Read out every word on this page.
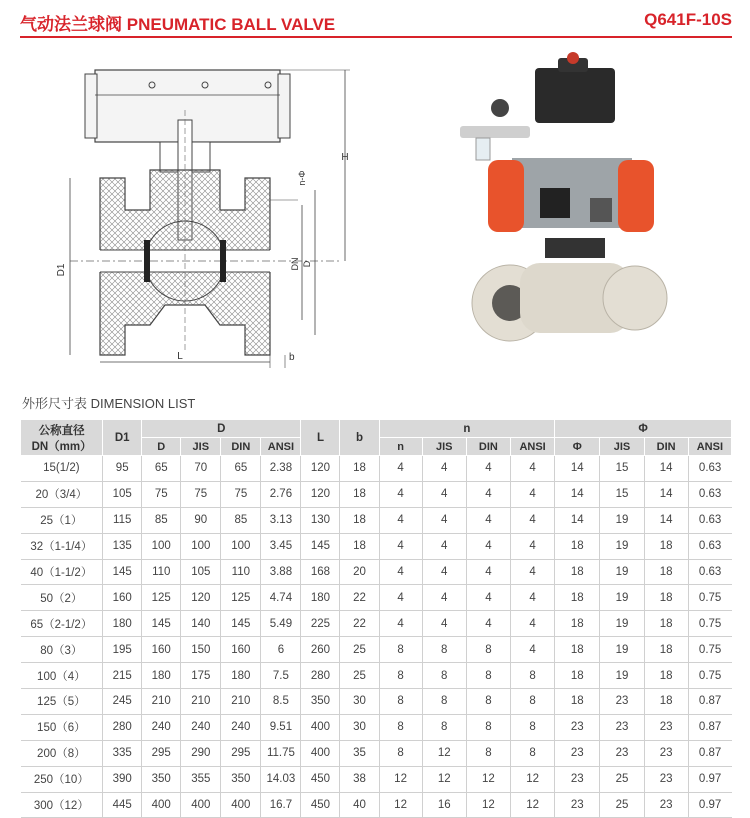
气动法兰球阀 PNEUMATIC BALL VALVE	Q641F-10S
H
n-Φ
D1	DN D
L	b
外形尺寸表 DIMENSION LIST
公称直径
DN（mm）	D1	D				L	b	n				Φ			
		D	JIS	DIN	ANSI			n	JIS	DIN	ANSI	Φ	JIS	DIN	ANSI
15(1/2)	95	65	70	65	2.38	120	18	4	4	4	4	14	15	14	0.63
20（3/4）	105	75	75	75	2.76	120	18	4	4	4	4	14	15	14	0.63
25（1）	115	85	90	85	3.13	130	18	4	4	4	4	14	19	14	0.63
32（1-1/4）	135	100	100	100	3.45	145	18	4	4	4	4	18	19	18	0.63
40（1-1/2）	145	110	105	110	3.88	168	20	4	4	4	4	18	19	18	0.63
50（2）	160	125	120	125	4.74	180	22	4	4	4	4	18	19	18	0.75
65（2-1/2）	180	145	140	145	5.49	225	22	4	4	4	4	18	19	18	0.75
80（3）	195	160	150	160	6	260	25	8	8	8	4	18	19	18	0.75
100（4）	215	180	175	180	7.5	280	25	8	8	8	8	18	19	18	0.75
125（5）	245	210	210	210	8.5	350	30	8	8	8	8	18	23	18	0.87
150（6）	280	240	240	240	9.51	400	30	8	8	8	8	23	23	23	0.87
200（8）	335	295	290	295	11.75	400	35	8	12	8	8	23	23	23	0.87
250（10）	390	350	355	350	14.03	450	38	12	12	12	12	23	25	23	0.97
300（12）	445	400	400	400	16.7	450	40	12	16	12	12	23	25	23	0.97
